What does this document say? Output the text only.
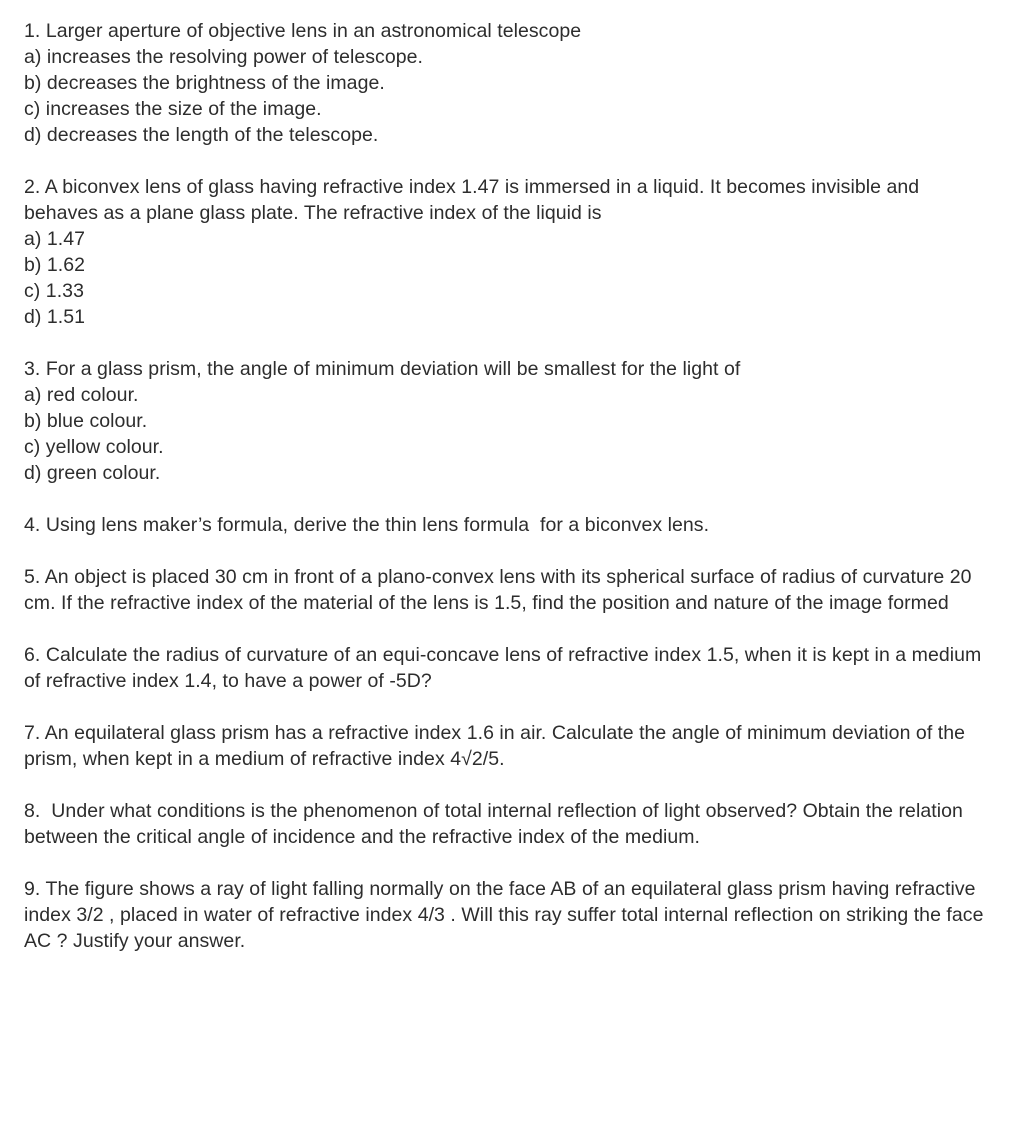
1. Larger aperture of objective lens in an astronomical telescope
a) increases the resolving power of telescope.
b) decreases the brightness of the image.
c) increases the size of the image.
d) decreases the length of the telescope.
2. A biconvex lens of glass having refractive index 1.47 is immersed in a liquid. It becomes invisible and behaves as a plane glass plate. The refractive index of the liquid is
a) 1.47
b) 1.62
c) 1.33
d) 1.51
3. For a glass prism, the angle of minimum deviation will be smallest for the light of
a) red colour.
b) blue colour.
c) yellow colour.
d) green colour.
4. Using lens maker’s formula, derive the thin lens formula  for a biconvex lens.
5. An object is placed 30 cm in front of a plano-convex lens with its spherical surface of radius of curvature 20 cm. If the refractive index of the material of the lens is 1.5, find the position and nature of the image formed
6. Calculate the radius of curvature of an equi-concave lens of refractive index 1.5, when it is kept in a medium of refractive index 1.4, to have a power of -5D?
7. An equilateral glass prism has a refractive index 1.6 in air. Calculate the angle of minimum deviation of the prism, when kept in a medium of refractive index 4√2/5.
8.  Under what conditions is the phenomenon of total internal reflection of light observed? Obtain the relation between the critical angle of incidence and the refractive index of the medium.
9. The figure shows a ray of light falling normally on the face AB of an equilateral glass prism having refractive index 3/2 , placed in water of refractive index 4/3 . Will this ray suffer total internal reflection on striking the face AC ? Justify your answer.
